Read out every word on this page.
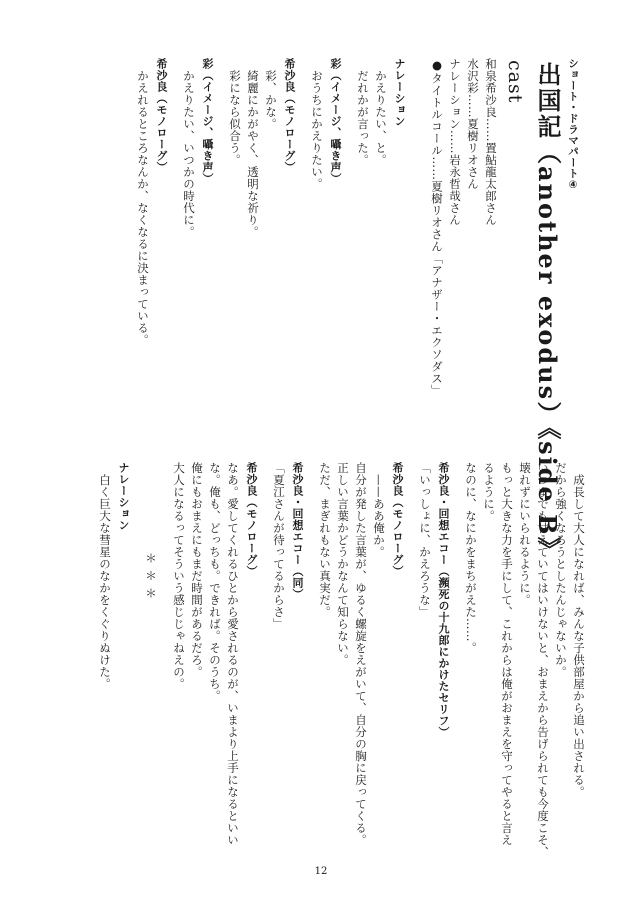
ショート・ドラマパート④
出国記（another exodus）《side B》
cast
和泉希沙良……置鮎龍太郎さん
水沢彩……夏樹リオさん
ナレーション……岩永哲哉さん
●タイトルコール……夏樹リオさん「アナザー・エクソダス」
ナレーション
かえりたい、と。
だれかが言った。
彩（イメージ、囁き声）
おうちにかえりたい。
希沙良（モノローグ）
彩、かな。
綺麗にかがやく、透明な祈り。
彩になら似合う。
彩（イメージ、囁き声）
かえりたい、いつかの時代に。
希沙良（モノローグ）
かえれるところなんか、なくなるに決まっている。
成長して大人になれば、みんな子供部屋から追い出される。
だから強くなろうとしたんじゃないか。
いつまでも甘えていてはいけないと、おまえから告げられても今度こそ、
壊れずにいられるように。
もっと大きな力を手にして、これからは俺がおまえを守ってやると言え
るように。
なのに、なにかをまちがえた……。
希沙良・回想エコー（瀕死の十九郎にかけたセリフ）
「いっしょに、かえろうな」
希沙良（モノローグ）
——ああ俺か。
自分が発した言葉が、ゆるく螺旋をえがいて、自分の胸に戻ってくる。
正しい言葉かどうかなんて知らない。
ただ、まぎれもない真実だ。
希沙良・回想エコー（同）
「夏江さんが待ってるからさ」
希沙良（モノローグ）
なあ。愛してくれるひとから愛されるのが、いまより上手になるといい
な。俺も、どっちも。できれば。そのうち。
俺にもおまえにもまだ時間があるだろ。
大人になるってそういう感じじゃねえの。
＊＊＊
ナレーション
白く巨大な彗星のなかをくぐりぬけた。
12
